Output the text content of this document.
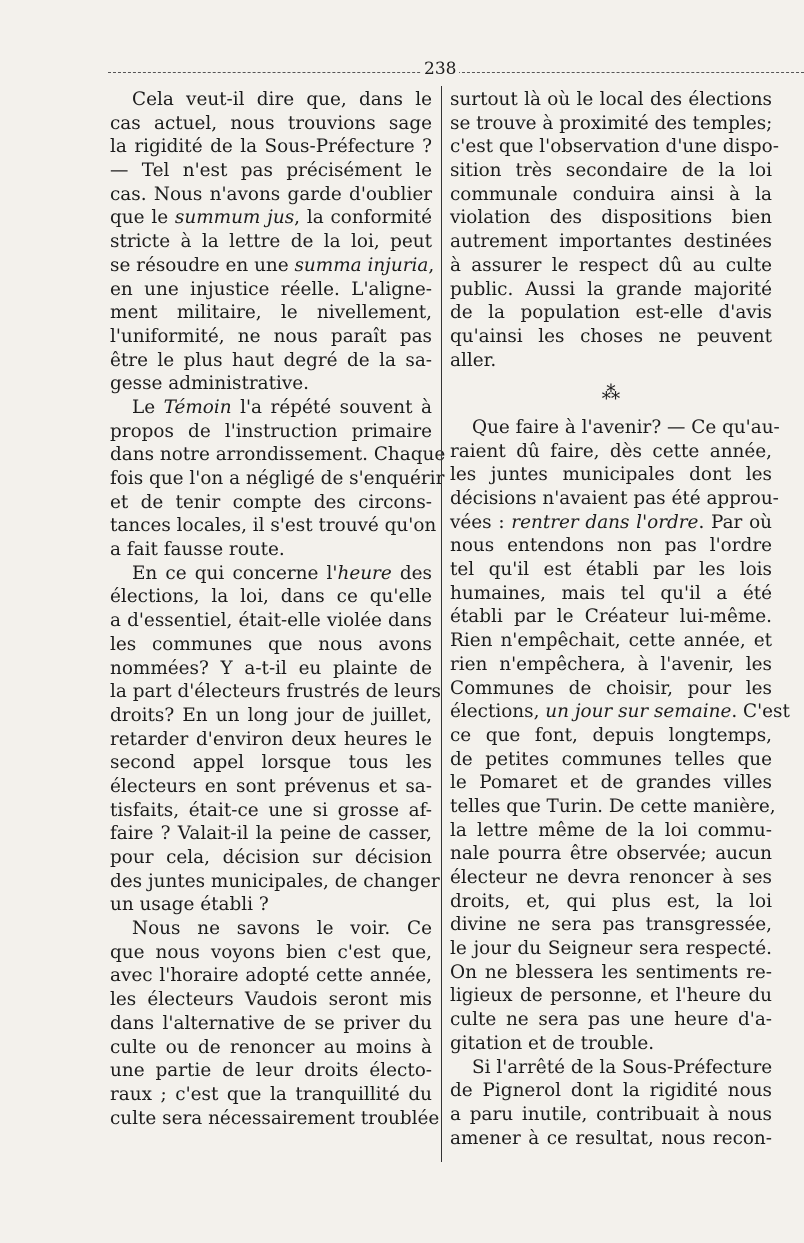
238
Cela veut-il dire que, dans le
cas actuel, nous trouvions sage
la rigidité de la Sous-Préfecture ?
— Tel n'est pas précisément le
cas. Nous n'avons garde d'oublier
que le summum jus, la conformité
stricte à la lettre de la loi, peut
se résoudre en une summa injuria,
en une injustice réelle. L'aligne-
ment militaire, le nivellement,
l'uniformité, ne nous paraît pas
être le plus haut degré de la sa-
gesse administrative.
Le Témoin l'a répété souvent à
propos de l'instruction primaire
dans notre arrondissement. Chaque
fois que l'on a négligé de s'enquérir
et de tenir compte des circons-
tances locales, il s'est trouvé qu'on
a fait fausse route.
En ce qui concerne l'heure des
élections, la loi, dans ce qu'elle
a d'essentiel, était-elle violée dans
les communes que nous avons
nommées? Y a-t-il eu plainte de
la part d'électeurs frustrés de leurs
droits? En un long jour de juillet,
retarder d'environ deux heures le
second appel lorsque tous les
électeurs en sont prévenus et sa-
tisfaits, était-ce une si grosse af-
faire ? Valait-il la peine de casser,
pour cela, décision sur décision
des juntes municipales, de changer
un usage établi ?
Nous ne savons le voir. Ce
que nous voyons bien c'est que,
avec l'horaire adopté cette année,
les électeurs Vaudois seront mis
dans l'alternative de se priver du
culte ou de renoncer au moins à
une partie de leur droits électo-
raux ; c'est que la tranquillité du
culte sera nécessairement troublée
surtout là où le local des élections
se trouve à proximité des temples;
c'est que l'observation d'une dispo-
sition très secondaire de la loi
communale conduira ainsi à la
violation des dispositions bien
autrement importantes destinées
à assurer le respect dû au culte
public. Aussi la grande majorité
de la population est-elle d'avis
qu'ainsi les choses ne peuvent
aller.
⁂
Que faire à l'avenir? — Ce qu'au-
raient dû faire, dès cette année,
les juntes municipales dont les
décisions n'avaient pas été approu-
vées : rentrer dans l'ordre. Par où
nous entendons non pas l'ordre
tel qu'il est établi par les lois
humaines, mais tel qu'il a été
établi par le Créateur lui-même.
Rien n'empêchait, cette année, et
rien n'empêchera, à l'avenir, les
Communes de choisir, pour les
élections, un jour sur semaine. C'est
ce que font, depuis longtemps,
de petites communes telles que
le Pomaret et de grandes villes
telles que Turin. De cette manière,
la lettre même de la loi commu-
nale pourra être observée; aucun
électeur ne devra renoncer à ses
droits, et, qui plus est, la loi
divine ne sera pas transgressée,
le jour du Seigneur sera respecté.
On ne blessera les sentiments re-
ligieux de personne, et l'heure du
culte ne sera pas une heure d'a-
gitation et de trouble.
Si l'arrêté de la Sous-Préfecture
de Pignerol dont la rigidité nous
a paru inutile, contribuait à nous
amener à ce resultat, nous recon-
